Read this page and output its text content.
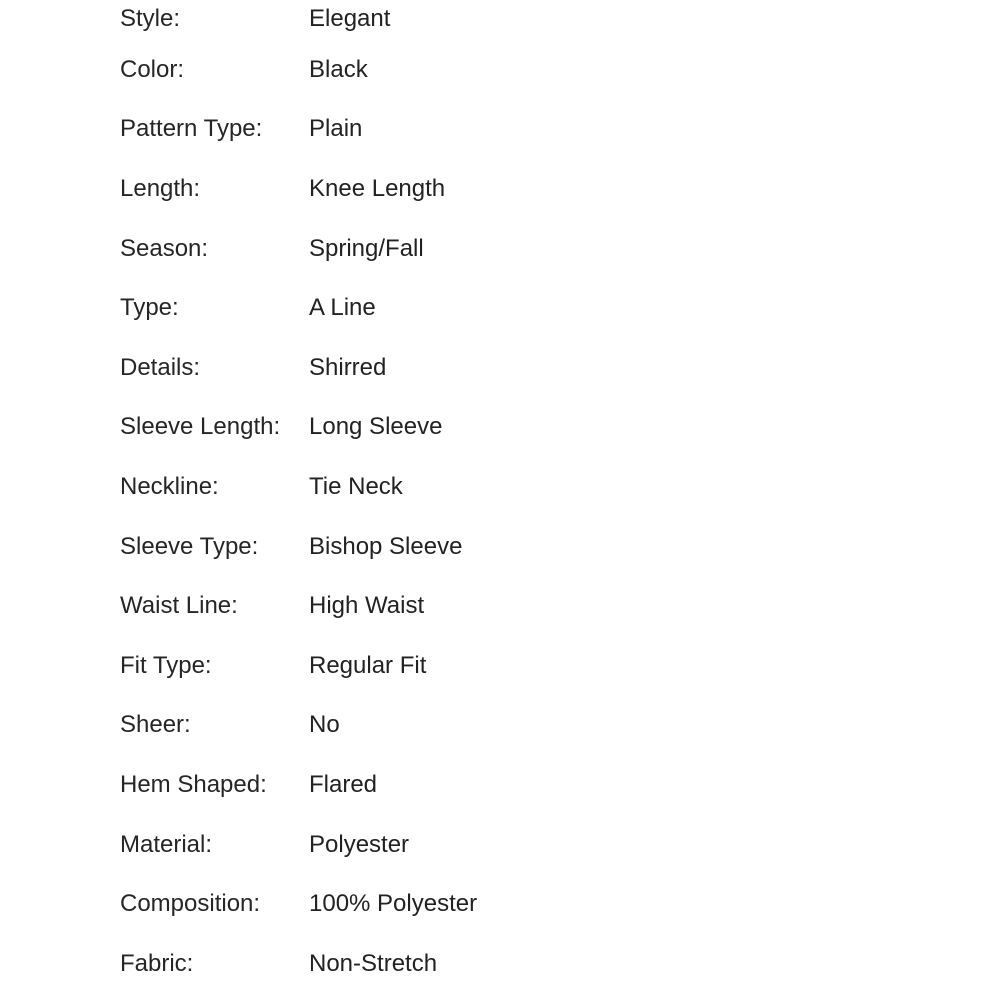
Style:	Elegant
Color:	Black
Pattern Type:	Plain
Length:	Knee Length
Season:	Spring/Fall
Type:	A Line
Details:	Shirred
Sleeve Length:	Long Sleeve
Neckline:	Tie Neck
Sleeve Type:	Bishop Sleeve
Waist Line:	High Waist
Fit Type:	Regular Fit
Sheer:	No
Hem Shaped:	Flared
Material:	Polyester
Composition:	100% Polyester
Fabric:	Non-Stretch
